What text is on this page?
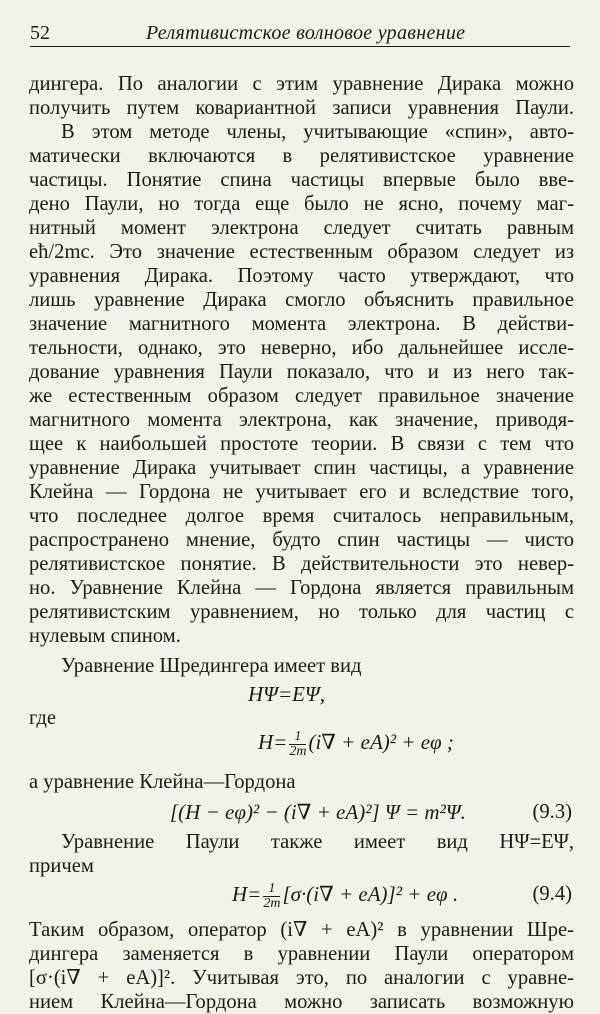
52	Релятивистское волновое уравнение
дингера. По аналогии с этим уравнение Дирака можно
получить путем ковариантной записи уравнения Паули.
В этом методе члены, учитывающие «спин», авто-
матически включаются в релятивистское уравнение
частицы. Понятие спина частицы впервые было вве-
дено Паули, но тогда еще было не ясно, почему маг-
нитный момент электрона следует считать равным
eħ/2mc. Это значение естественным образом следует из
уравнения Дирака. Поэтому часто утверждают, что
лишь уравнение Дирака смогло объяснить правильное
значение магнитного момента электрона. В действи-
тельности, однако, это неверно, ибо дальнейшее иссле-
дование уравнения Паули показало, что и из него так-
же естественным образом следует правильное значение
магнитного момента электрона, как значение, приводя-
щее к наибольшей простоте теории. В связи с тем что
уравнение Дирака учитывает спин частицы, а уравнение
Клейна — Гордона не учитывает его и вследствие того,
что последнее долгое время считалось неправильным,
распространено мнение, будто спин частицы — чисто
релятивистское понятие. В действительности это невер-
но. Уравнение Клейна — Гордона является правильным
релятивистским уравнением, но только для частиц с
нулевым спином.
Уравнение Шредингера имеет вид
HΨ=EΨ,
где
$H= \frac{1}{2m} (i\nabla + eA)^2 + e\varphi$ ;
а уравнение Клейна—Гордона
[(H − eφ)² − (i∇ + eA)²] Ψ = m²Ψ.	(9.3)
Уравнение Паули также имеет вид HΨ=EΨ,
причем
$H= \frac{1}{2m} [\sigma\cdot(i\nabla + eA)]^2 + e\varphi$ .	(9.4)
Таким образом, оператор (i∇ + eA)² в уравнении Шре-
дингера заменяется в уравнении Паули оператором
[σ·(i∇ + eA)]². Учитывая это, по аналогии с уравне-
нием Клейна—Гордона можно записать возможную
